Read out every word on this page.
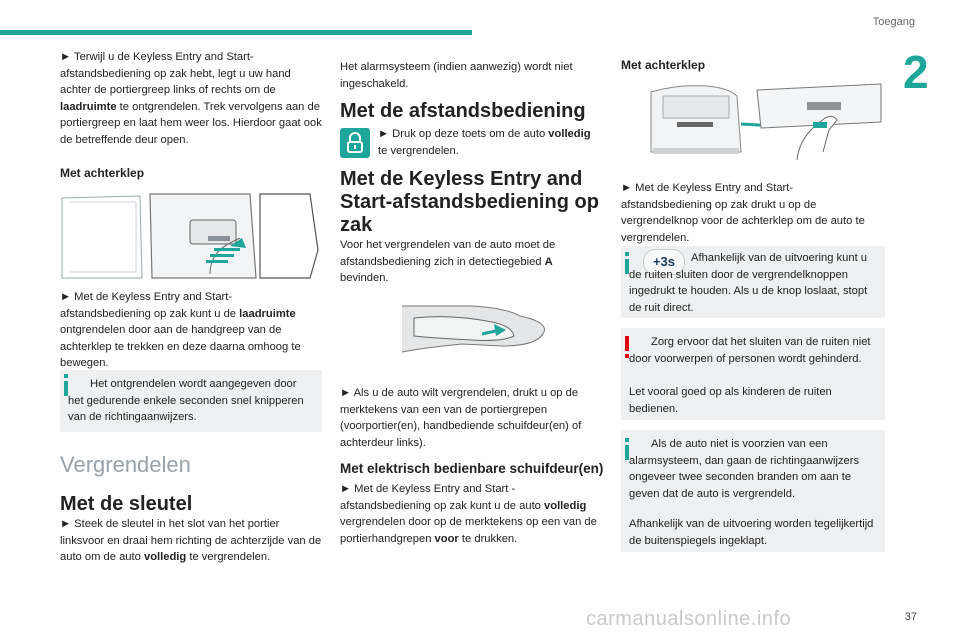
Toegang
2

► Terwijl u de Keyless Entry and Start-afstandsbediening op zak hebt, legt u uw hand achter de portiergreep links of rechts om de laadruimte te ontgrendelen. Trek vervolgens aan de portiergreep en laat hem weer los. Hierdoor gaat ook de betreffende deur open.

Met achterklep

► Met de Keyless Entry and Start-afstandsbediening op zak kunt u de laadruimte ontgrendelen door aan de handgreep van de achterklep te trekken en deze daarna omhoog te bewegen.

Het ontgrendelen wordt aangegeven door het gedurende enkele seconden snel knipperen van de richtingaanwijzers.

Vergrendelen
Met de sleutel

► Steek de sleutel in het slot van het portier linksvoor en draai hem richting de achterzijde van de auto om de auto volledig te vergrendelen.

Het alarmsysteem (indien aanwezig) wordt niet ingeschakeld.

Met de afstandsbediening

► Druk op deze toets om de auto volledig te vergrendelen.

Met de Keyless Entry and Start-afstandsbediening op zak

Voor het vergrendelen van de auto moet de afstandsbediening zich in detectiegebied A bevinden.

► Als u de auto wilt vergrendelen, drukt u op de merktekens van een van de portiergrepen (voorportier(en), handbediende schuifdeur(en) of achterdeur links).

Met elektrisch bedienbare schuifdeur(en)

► Met de Keyless Entry and Start -afstandsbediening op zak kunt u de auto volledig vergrendelen door op de merktekens op een van de portierhandgrepen voor te drukken.

Met achterklep

► Met de Keyless Entry and Start-afstandsbediening op zak drukt u op de vergrendelknop voor de achterklep om de auto te vergrendelen.

+3s	Afhankelijk van de uitvoering kunt u de ruiten sluiten door de vergrendelknoppen ingedrukt te houden. Als u de knop loslaat, stopt de ruit direct.

Zorg ervoor dat het sluiten van de ruiten niet door voorwerpen of personen wordt gehinderd.

Let vooral goed op als kinderen de ruiten bedienen.

Als de auto niet is voorzien van een alarmsysteem, dan gaan de richtingaanwijzers ongeveer twee seconden branden om aan te geven dat de auto is vergrendeld.

Afhankelijk van de uitvoering worden tegelijkertijd de buitenspiegels ingeklapt.

carmanualsonline.info	37
